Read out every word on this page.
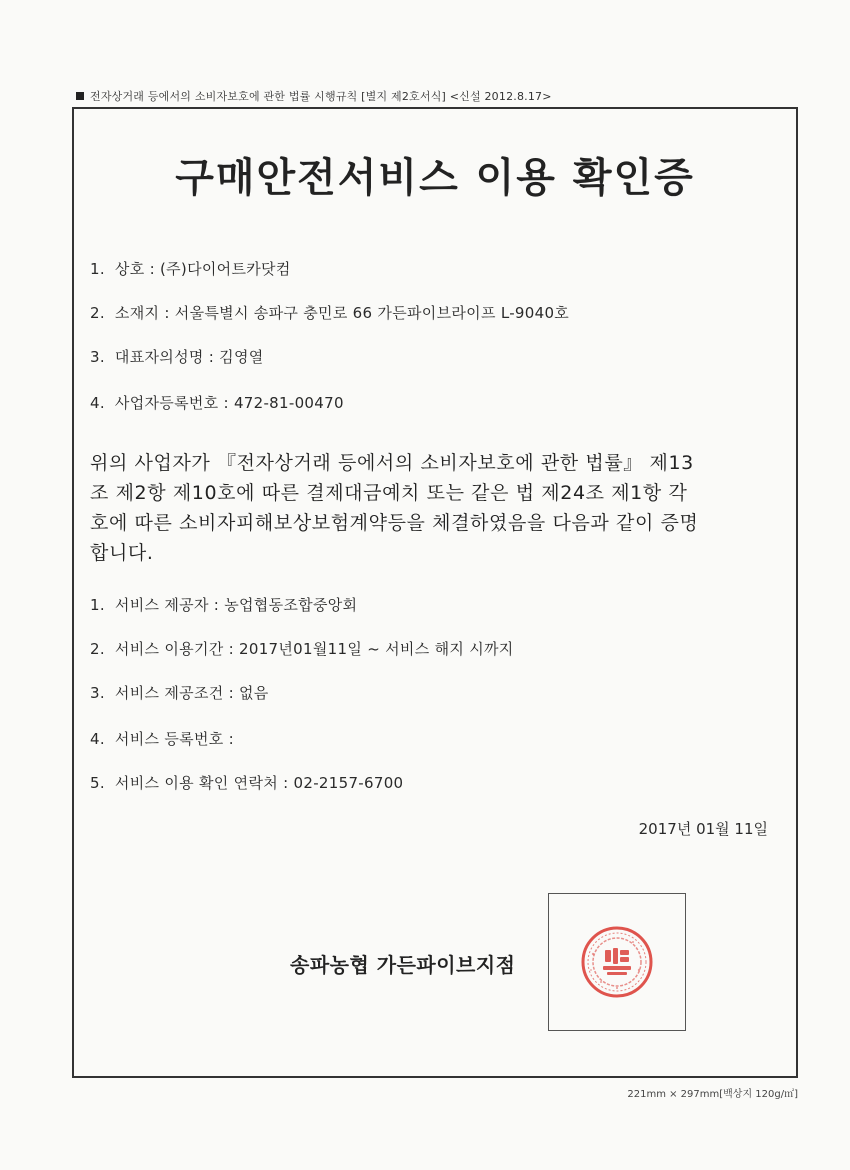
전자상거래 등에서의 소비자보호에 관한 법률 시행규칙 [별지 제2호서식] <신설 2012.8.17>
구매안전서비스 이용 확인증
1. 상호 : (주)다이어트카닷컴
2. 소재지 : 서울특별시 송파구 충민로 66 가든파이브라이프 L-9040호
3. 대표자의성명 : 김영열
4. 사업자등록번호 : 472-81-00470
위의 사업자가 『전자상거래 등에서의 소비자보호에 관한 법률』 제13
조 제2항 제10호에 따른 결제대금예치 또는 같은 법 제24조 제1항 각
호에 따른 소비자피해보상보험계약등을 체결하였음을 다음과 같이 증명
합니다.
1. 서비스 제공자 : 농업협동조합중앙회
2. 서비스 이용기간 : 2017년01월11일 ~ 서비스 해지 시까지
3. 서비스 제공조건 : 없음
4. 서비스 등록번호 :
5. 서비스 이용 확인 연락처 : 02-2157-6700
2017년 01월 11일
송파농협 가든파이브지점
221mm × 297mm[백상지 120g/㎡]
